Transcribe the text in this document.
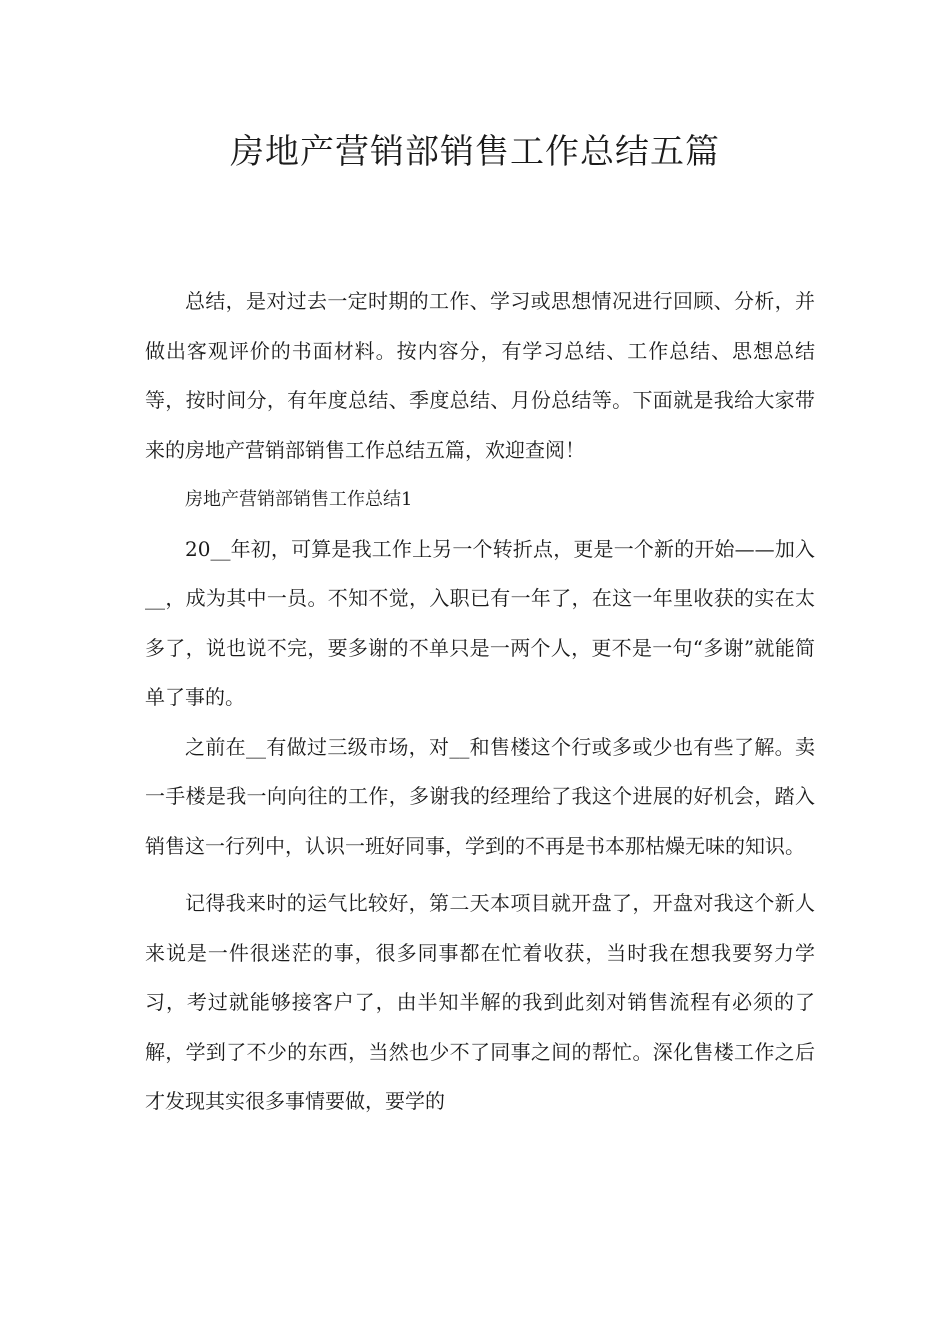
房地产营销部销售工作总结五篇

总结，是对过去一定时期的工作、学习或思想情况进行回顾、分析，并做出客观评价的书面材料。按内容分，有学习总结、工作总结、思想总结等，按时间分，有年度总结、季度总结、月份总结等。下面就是我给大家带来的房地产营销部销售工作总结五篇，欢迎查阅！

房地产营销部销售工作总结1

20__年初，可算是我工作上另一个转折点，更是一个新的开始——加入__，成为其中一员。不知不觉，入职已有一年了，在这一年里收获的实在太多了，说也说不完，要多谢的不单只是一两个人，更不是一句“多谢”就能简单了事的。

之前在__有做过三级市场，对__和售楼这个行或多或少也有些了解。卖一手楼是我一向向往的工作，多谢我的经理给了我这个进展的好机会，踏入销售这一行列中，认识一班好同事，学到的不再是书本那枯燥无味的知识。

记得我来时的运气比较好，第二天本项目就开盘了，开盘对我这个新人来说是一件很迷茫的事，很多同事都在忙着收获，当时我在想我要努力学习，考过就能够接客户了，由半知半解的我到此刻对销售流程有必须的了解，学到了不少的东西，当然也少不了同事之间的帮忙。深化售楼工作之后才发现其实很多事情要做，要学的
